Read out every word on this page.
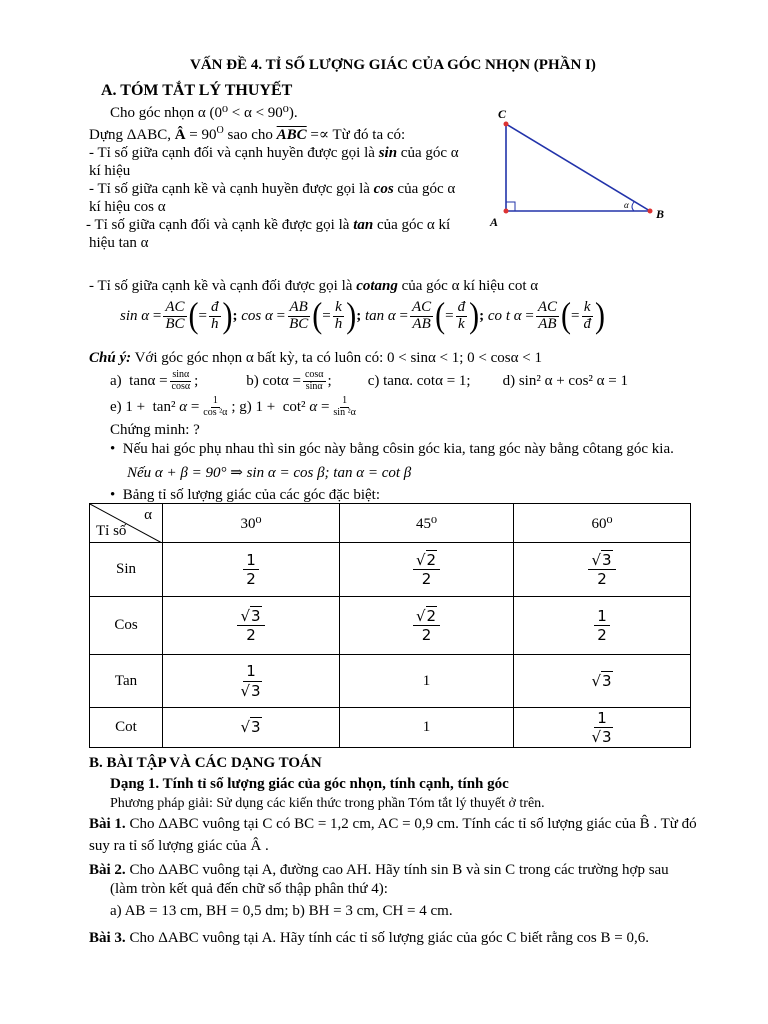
VẤN ĐỀ 4. TỈ SỐ LƯỢNG GIÁC CỦA GÓC NHỌN (PHẦN I)
A. TÓM TẮT LÝ THUYẾT
Cho góc nhọn α (0⁰ < α < 90⁰).
Dựng ΔABC, Â = $90^O$ sao cho $\overline{ABC}$ =∝ Từ đó ta có:
- Tỉ số giữa cạnh đối và cạnh huyền được gọi là sin của góc α
kí hiệu
- Tỉ số giữa cạnh kề và cạnh huyền được gọi là cos của góc α
kí hiệu cos α
- Tỉ số giữa cạnh đối và cạnh kề được gọi là tan của góc α kí
hiệu tan α
C
A
B
α
- Tỉ số giữa cạnh kề và cạnh đối được gọi là cotang của góc α kí hiệu cot α
sin
α =
AC
BC ( =
đ
h ) ;
cos
α =
AB
BC ( =
k
h ) ;
tan
α =
AC
AB ( =
đ
k ) ;
co
t
α =
AC
AB ( =
k
đ )
Chú ý: Với góc góc nhọn α bất kỳ, ta có luôn có: 0 < sinα < 1; 0 < cosα < 1
a)  $\tan\alpha = \frac{\sin\alpha}{\cos\alpha}$ ;	b) $\cot\alpha = \frac{\cos\alpha}{\sin\alpha}$ ; c) tanα. cotα = 1; d) sin² α + cos² α = 1
e) 1 +  tan² $\alpha = \frac{1}{\text{cos ²α}}$ ; g) 1 +  cot² $\alpha = \frac{1}{\text{sin ²α}}$
Chứng minh: ?
•  Nếu hai góc phụ nhau thì sin góc này bằng côsin góc kia, tang góc này bằng côtang góc kia.
Nếu α + β = 90° ⇒ sin α = cos β; tan α = cot β
•  Bảng tỉ số lượng giác của các góc đặc biệt:
α
Tỉ số	30⁰	45⁰	60⁰
Sin	$\frac{1}{2}$	$\frac{√2}{2}$	$\frac{√3}{2}$

Cos	$\frac{√3}{2}$	$\frac{√2}{2}$	$\frac{1}{2}$

Tan	$\frac{1}{√3}$	1	√3
Cot	√3	1	$\frac{1}{√3}$
B. BÀI TẬP VÀ CÁC DẠNG TOÁN
Dạng 1. Tính tỉ số lượng giác của góc nhọn, tính cạnh, tính góc
Phương pháp giải: Sử dụng các kiến thức trong phần Tóm tắt lý thuyết ở trên.
Bài 1. Cho ΔABC vuông tại C có BC = 1,2 cm, AC = 0,9 cm. Tính các tỉ số lượng giác của B̂ . Từ đó
suy ra tỉ số lượng giác của Â .
Bài 2. Cho ΔABC vuông tại A, đường cao AH. Hãy tính sin B và sin C trong các trường hợp sau
(làm tròn kết quả đến chữ số thập phân thứ 4):
a) AB = 13 cm, BH = 0,5 dm; b) BH = 3 cm, CH = 4 cm.
Bài 3. Cho ΔABC vuông tại A. Hãy tính các tỉ số lượng giác của góc C biết rằng cos B = 0,6.
